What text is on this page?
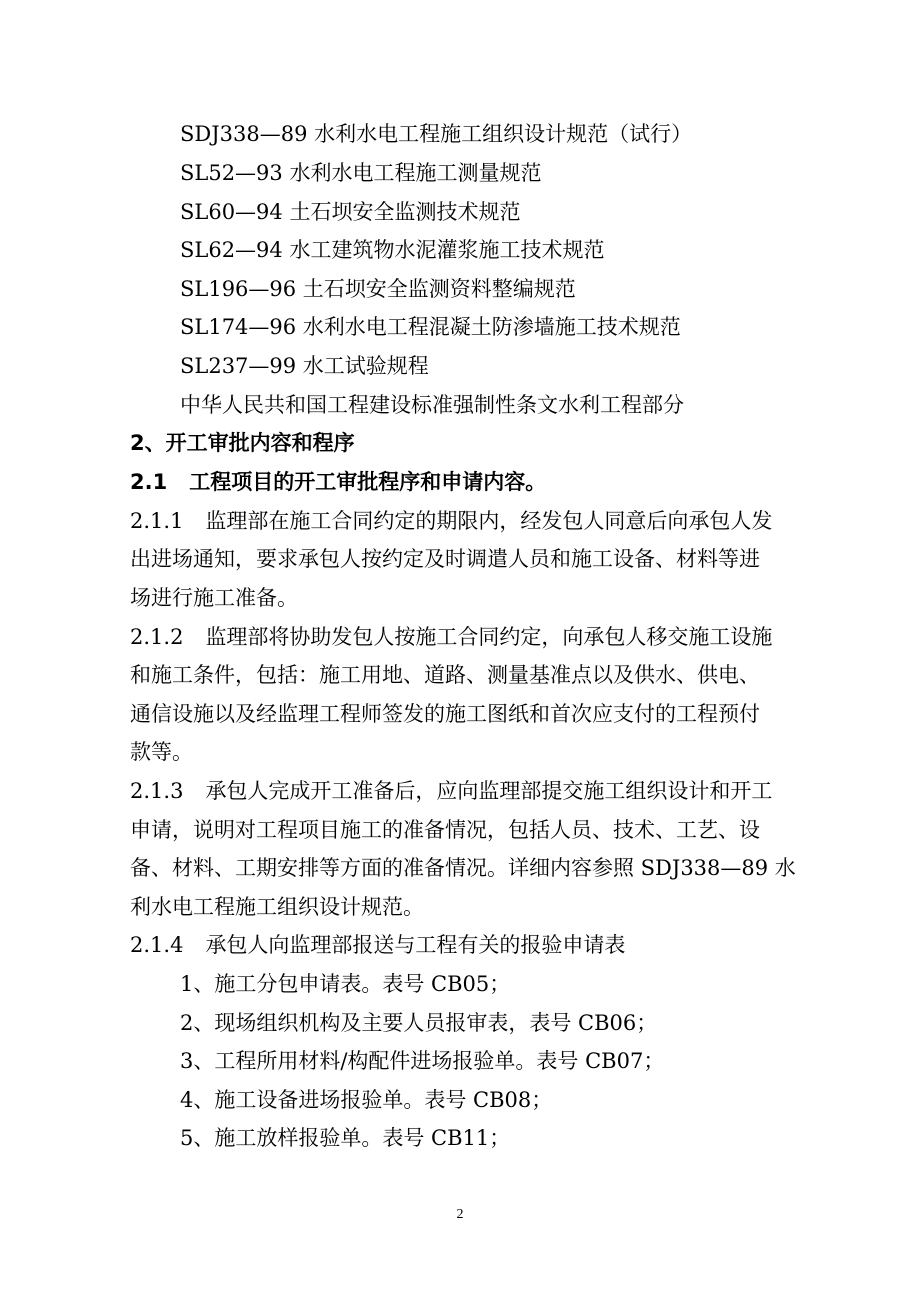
SDJ338—89 水利水电工程施工组织设计规范（试行）
SL52—93 水利水电工程施工测量规范
SL60—94 土石坝安全监测技术规范
SL62—94 水工建筑物水泥灌浆施工技术规范
SL196—96 土石坝安全监测资料整编规范
SL174—96 水利水电工程混凝土防渗墙施工技术规范
SL237—99 水工试验规程
中华人民共和国工程建设标准强制性条文水利工程部分
2、开工审批内容和程序
2.1 工程项目的开工审批程序和申请内容。
2.1.1 监理部在施工合同约定的期限内，经发包人同意后向承包人发
出进场通知，要求承包人按约定及时调遣人员和施工设备、材料等进
场进行施工准备。
2.1.2 监理部将协助发包人按施工合同约定，向承包人移交施工设施
和施工条件，包括：施工用地、道路、测量基准点以及供水、供电、
通信设施以及经监理工程师签发的施工图纸和首次应支付的工程预付
款等。
2.1.3 承包人完成开工准备后，应向监理部提交施工组织设计和开工
申请，说明对工程项目施工的准备情况，包括人员、技术、工艺、设
备、材料、工期安排等方面的准备情况。详细内容参照 SDJ338—89 水
利水电工程施工组织设计规范。
2.1.4 承包人向监理部报送与工程有关的报验申请表
1、施工分包申请表。表号 CB05；
2、现场组织机构及主要人员报审表，表号 CB06；
3、工程所用材料/构配件进场报验单。表号 CB07；
4、施工设备进场报验单。表号 CB08；
5、施工放样报验单。表号 CB11；
2
